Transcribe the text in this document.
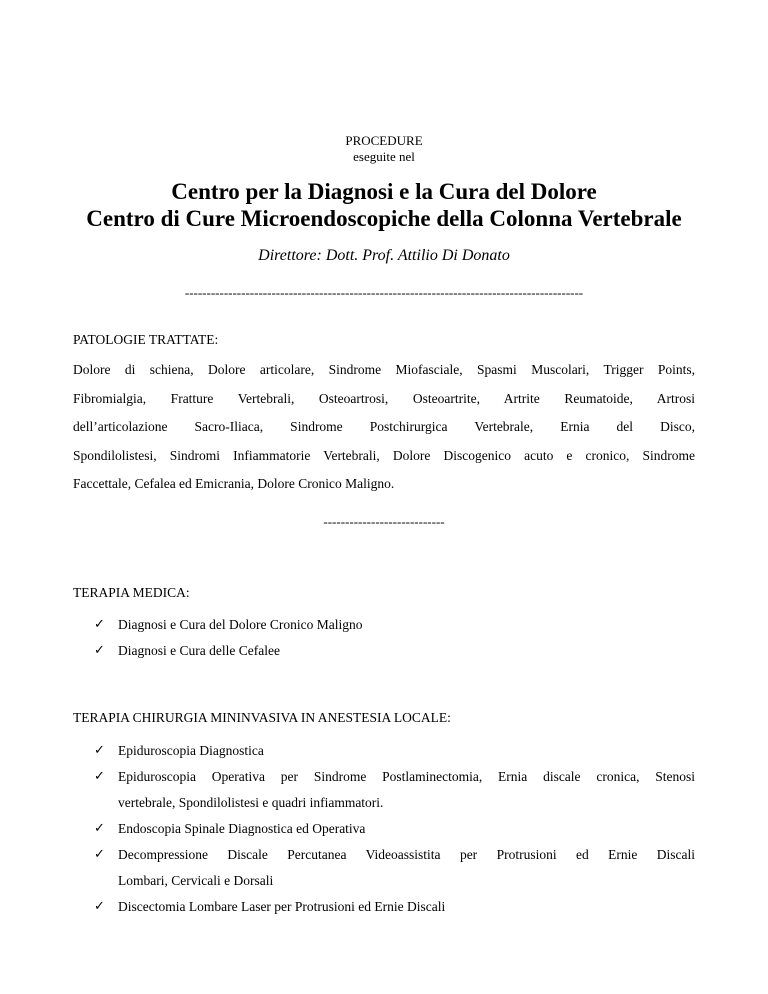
PROCEDURE
eseguite nel
Centro per la Diagnosi e la Cura del Dolore
Centro di Cure Microendoscopiche della Colonna Vertebrale
Direttore: Dott. Prof. Attilio Di Donato
--------------------------------------------------------------------------------------------
PATOLOGIE TRATTATE:
Dolore di schiena, Dolore articolare, Sindrome Miofasciale, Spasmi Muscolari, Trigger Points,
Fibromialgia, Fratture Vertebrali, Osteoartrosi, Osteoartrite, Artrite Reumatoide, Artrosi
dell’articolazione Sacro-Iliaca, Sindrome Postchirurgica Vertebrale, Ernia del Disco,
Spondilolistesi, Sindromi Infiammatorie Vertebrali, Dolore Discogenico acuto e cronico, Sindrome
Faccettale, Cefalea ed Emicrania, Dolore Cronico Maligno.
----------------------------
TERAPIA MEDICA:
✓ Diagnosi e Cura del Dolore Cronico Maligno
✓ Diagnosi e Cura delle Cefalee
TERAPIA CHIRURGIA MININVASIVA IN ANESTESIA LOCALE:
✓ Epiduroscopia Diagnostica
✓ Epiduroscopia Operativa per Sindrome Postlaminectomia, Ernia discale cronica, Stenosi
vertebrale, Spondilolistesi e quadri infiammatori.
✓ Endoscopia Spinale Diagnostica ed Operativa
✓ Decompressione Discale Percutanea Videoassistita per Protrusioni ed Ernie Discali
Lombari, Cervicali e Dorsali
✓ Discectomia Lombare Laser per Protrusioni ed Ernie Discali
